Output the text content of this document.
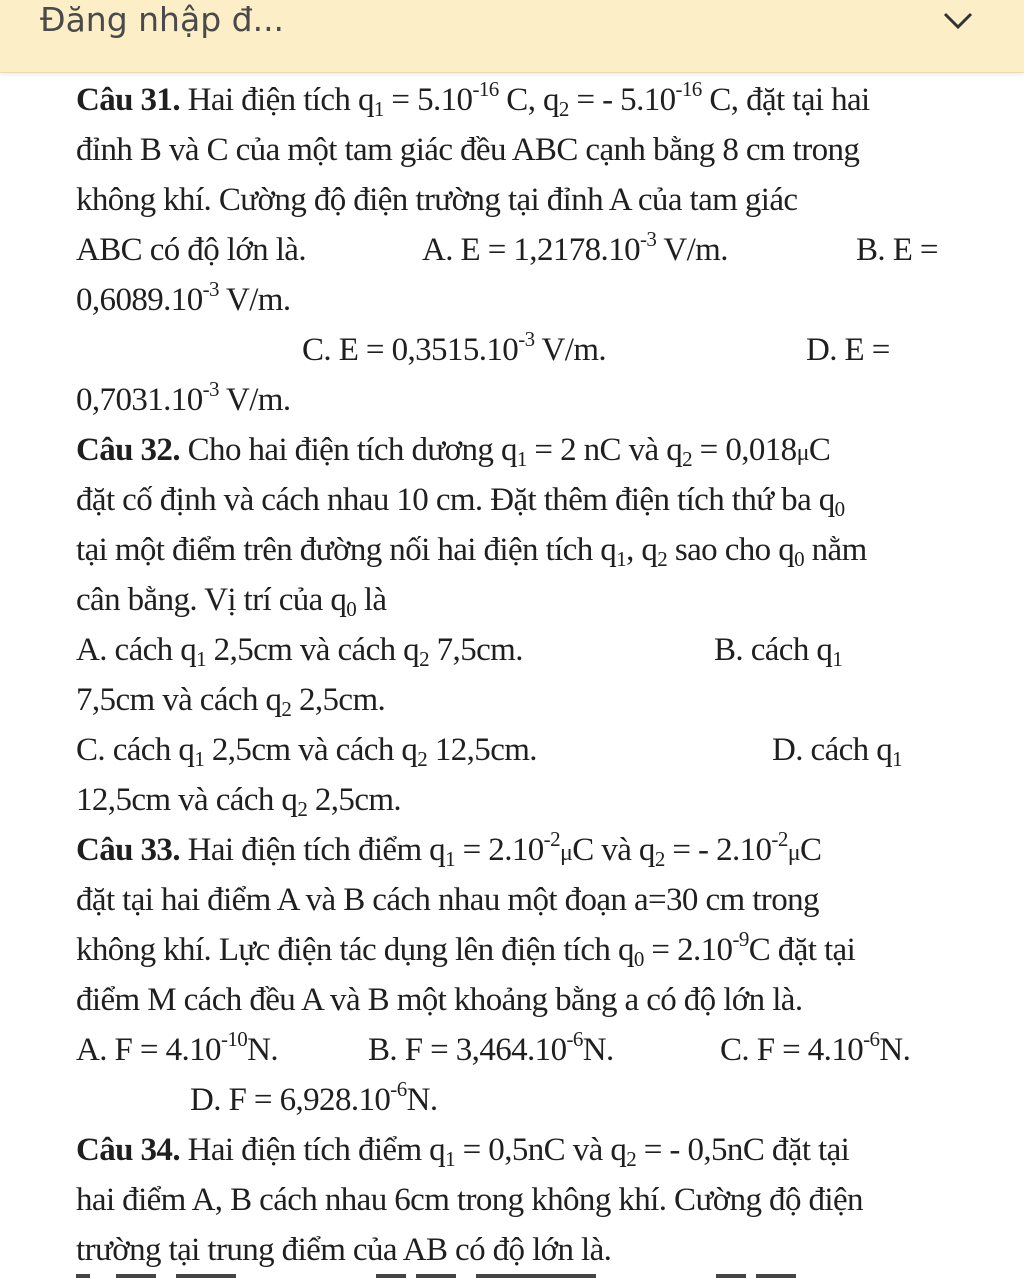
Đăng nhập đ...
Câu 31. Hai điện tích $q_1 = 5.10^{-16}$ C, $q_2$ = - $5.10^{-16}$ C, đặt tại hai
đỉnh B và C của một tam giác đều ABC cạnh bằng 8 cm trong
không khí. Cường độ điện trường tại đỉnh A của tam giác
ABC có độ lớn là.	A. $E = 1,2178.10^{-3}$ V/m.	B. E =
$0,6089.10^{-3}$ V/m.
C. $E = 0,3515.10^{-3}$ V/m.	D. E =
$0,7031.10^{-3}$ V/m.
Câu 32. Cho hai điện tích dương $q_1 = 2$ nC và $q_2 = 0,018\mu C$
đặt cố định và cách nhau 10 cm. Đặt thêm điện tích thứ ba $q_0$
tại một điểm trên đường nối hai điện tích $q_1$, $q_2$ sao cho $q_0$ nằm
cân bằng. Vị trí của $q_0$ là
A. cách $q_1$ 2,5cm và cách $q_2$ 7,5cm.	B. cách $q_1$
7,5cm và cách $q_2$ 2,5cm.
C. cách $q_1$ 2,5cm và cách $q_2$ 12,5cm.	D. cách $q_1$
12,5cm và cách $q_2$ 2,5cm.
Câu 33. Hai điện tích điểm $q_1 = 2.10^{-2}\mu C$ và $q_2$ = - $2.10^{-2}\mu C$
đặt tại hai điểm A và B cách nhau một đoạn a=30 cm trong
không khí. Lực điện tác dụng lên điện tích $q_0 = 2.10^{-9}C$ đặt tại
điểm M cách đều A và B một khoảng bằng a có độ lớn là.
A. $F = 4.10^{-10}N$.	B. $F = 3,464.10^{-6}N$.	C. $F = 4.10^{-6}N$.
D. $F = 6,928.10^{-6}N$.
Câu 34. Hai điện tích điểm $q_1 = 0,5nC$ và $q_2$ = - 0,5nC đặt tại
hai điểm A, B cách nhau 6cm trong không khí. Cường độ điện
trường tại trung điểm của AB có độ lớn là.
